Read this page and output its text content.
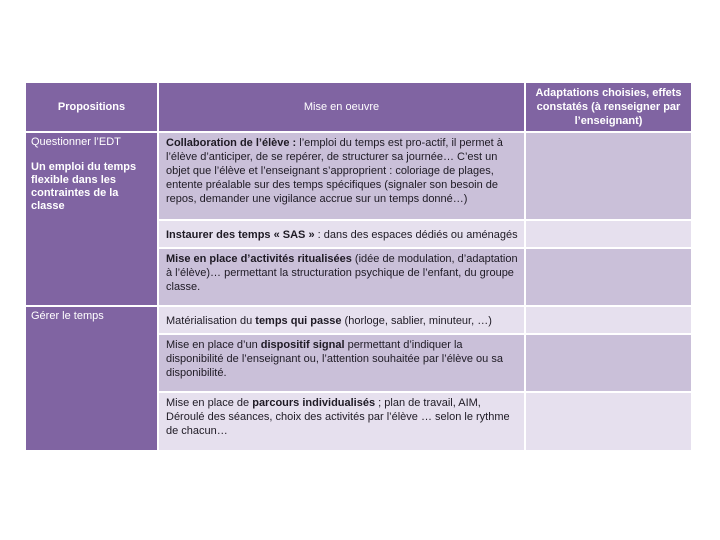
Propositions	Mise en oeuvre	Adaptations choisies, effets constatés (à renseigner par l’enseignant)
Questionner l’EDT
Un emploi du temps flexible dans les contraintes de la classe	Collaboration de l’élève : l’emploi du temps est pro-actif, il permet à l’élève d’anticiper, de se repérer, de structurer sa journée… C’est un objet que l’élève et l’enseignant s’approprient : coloriage de plages, entente préalable sur des temps spécifiques (signaler son besoin de repos, demander une vigilance accrue sur un temps donné…)	
	Instaurer des temps « SAS » : dans des espaces dédiés ou aménagés	
	Mise en place d’activités ritualisées (idée de modulation, d’adaptation à l’élève)… permettant la structuration psychique de l’enfant, du groupe classe.	
Gérer le temps	Matérialisation du temps qui passe (horloge, sablier, minuteur, …)	
	Mise en place d’un dispositif signal permettant d’indiquer la disponibilité de l’enseignant ou, l’attention souhaitée par l’élève ou sa disponibilité.	
	Mise en place de parcours individualisés ; plan de travail, AIM, Déroulé des séances, choix des activités par l’élève … selon le rythme de chacun…	
